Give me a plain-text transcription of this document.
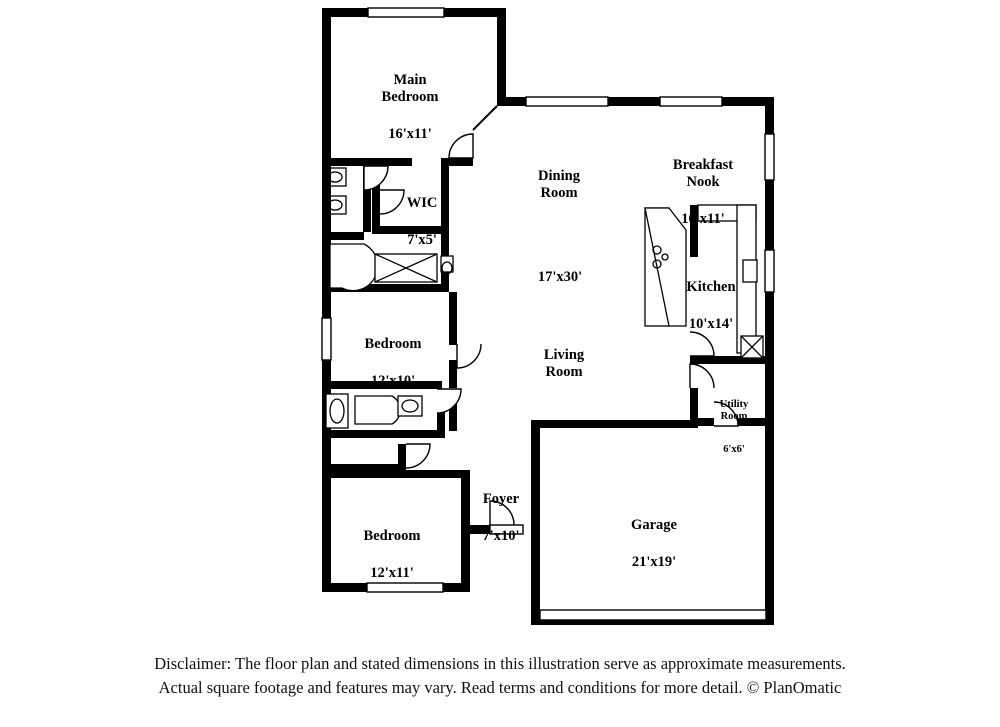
Main
Bedroom

16'x11'

WIC

7'x5'

Dining
Room

Breakfast
Nook

10'x11'

17'x30'

Kitchen

10'x14'

Bedroom

12'x10'

Living
Room

Utility
Room

6'x6'

6'x2'

Foyer

7'x10'

Garage

21'x19'

Bedroom

12'x11'

Disclaimer: The floor plan and stated dimensions in this illustration serve as approximate measurements.
Actual square footage and features may vary. Read terms and conditions for more detail. © PlanOmatic
